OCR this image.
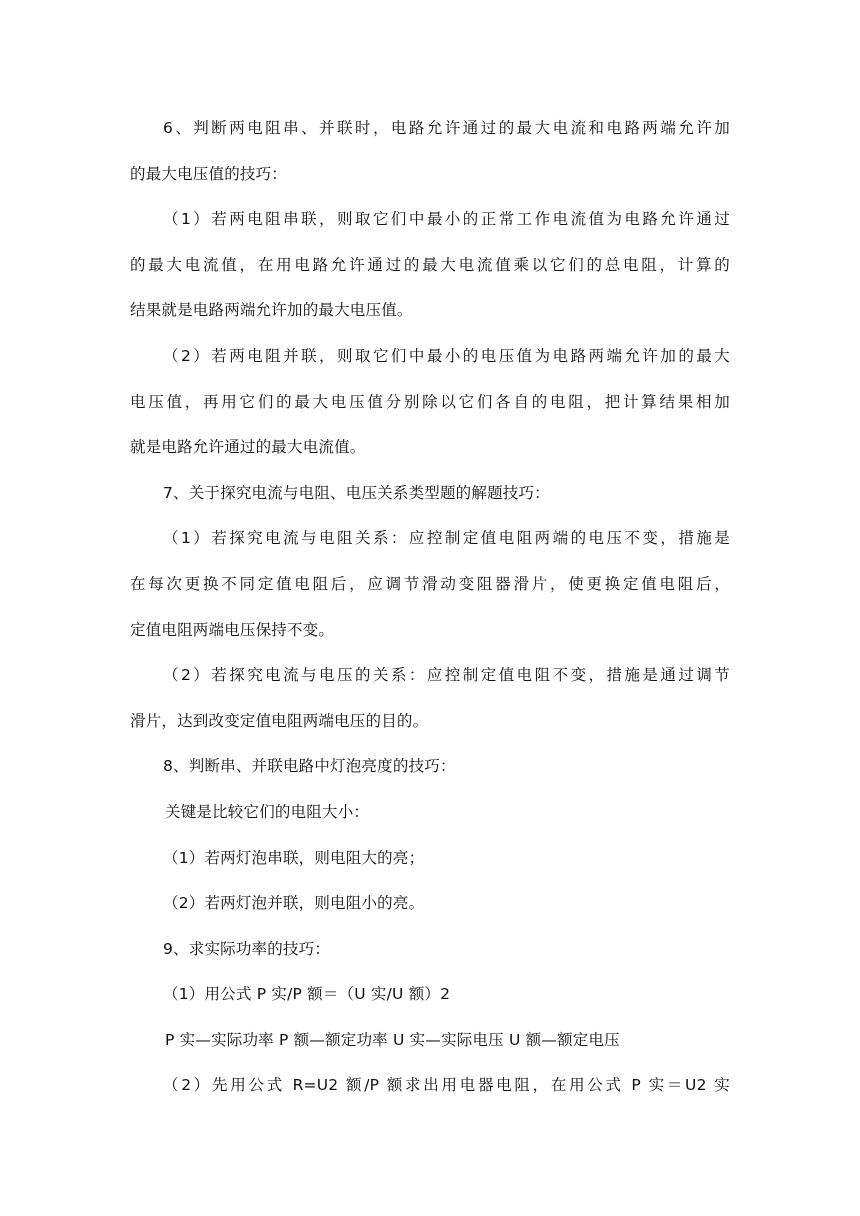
6、判断两电阻串、并联时，电路允许通过的最大电流和电路两端允许加
的最大电压值的技巧：
（1）若两电阻串联，则取它们中最小的正常工作电流值为电路允许通过
的最大电流值，在用电路允许通过的最大电流值乘以它们的总电阻，计算的
结果就是电路两端允许加的最大电压值。
（2）若两电阻并联，则取它们中最小的电压值为电路两端允许加的最大
电压值，再用它们的最大电压值分别除以它们各自的电阻，把计算结果相加
就是电路允许通过的最大电流值。
7、关于探究电流与电阻、电压关系类型题的解题技巧：
（1）若探究电流与电阻关系：应控制定值电阻两端的电压不变，措施是
在每次更换不同定值电阻后，应调节滑动变阻器滑片，使更换定值电阻后，
定值电阻两端电压保持不变。
（2）若探究电流与电压的关系：应控制定值电阻不变，措施是通过调节
滑片，达到改变定值电阻两端电压的目的。
8、判断串、并联电路中灯泡亮度的技巧：
关键是比较它们的电阻大小：
（1）若两灯泡串联，则电阻大的亮；
（2）若两灯泡并联，则电阻小的亮。
9、求实际功率的技巧：
（1）用公式 P 实/P 额＝（U 实/U 额）2
P 实—实际功率 P 额—额定功率 U 实—实际电压 U 额—额定电压
（2）先用公式 R=U2 额/P 额求出用电器电阻，在用公式 P 实＝U2 实
